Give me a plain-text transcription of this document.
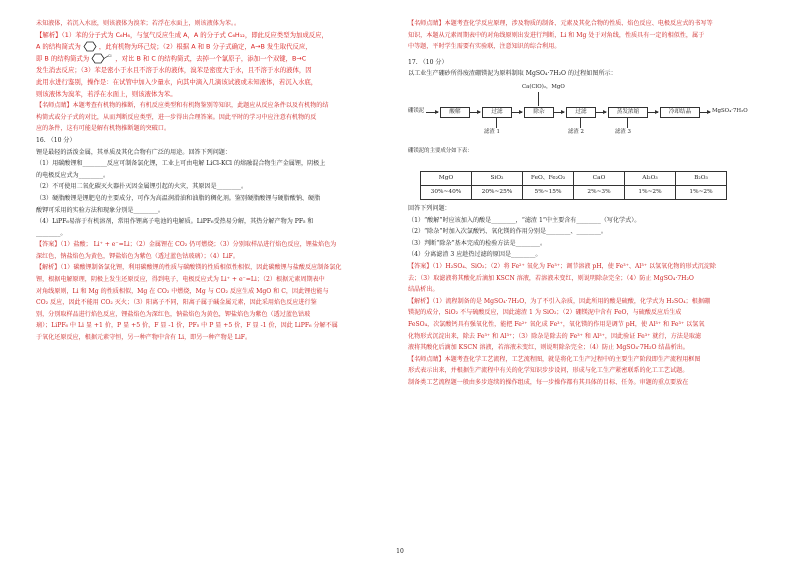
未知液体，若沉入水底，则该液体为溴苯；若浮在水面上，则该液体为苯。。

【解析】（1）苯的分子式为 C₆H₆，与氢气反应生成 A，A 的分子式 C₆H₁₂，即此反应类型为加成反应，

A 的结构简式为	，此有机物为环己烷；（2）根据 A 和 B 分子式确定，A→B 发生取代反应，

即 B 的结构简式为	Cl ，对比 B 和 C 的结构简式，去掉一个氯原子，添加一个双键，B→C

发生消去反应；（3）苯是密小于水且不溶于水的液体，溴苯是密度大于水，且不溶于水的液体，因

此用水进行鉴别，操作是：在试管中加入少量水，向其中滴入几滴该试液或未知液体，若沉入水底，

则该液体为溴苯，若浮在水面上，则该液体为苯。

【名师点睛】本题考查有机物的推断，有机反应类型和有机物鉴别等知识，此题应从反应条件以及有机物的结

构简式或分子式的对比，从而判断反应类型，进一步得出合理答案。因此平时的学习中应注意有机物的反

应的条件，这有可能是解有机物推断题的突破口。

16. （10 分）

锂是最轻的活泼金属，其单质及其化合物有广泛的用途。回答下列问题：

（1）用碳酸锂和________反应可制备氯化锂，工业上可由电解 LiCl-KCl 的熔融混合物生产金属锂，阴极上

的电极反应式为________。

（2）不可使用二氧化碳灭火器扑灭因金属锂引起的火灾，其原因是________。

（3）硬脂酸锂是锂肥皂的主要成分，可作为高温润滑油和油脂的稠化剂。鉴别硬脂酸锂与硬脂酸钠、硬脂

酸钾可采用的实验方法和现象分别是________。

（4）LiPF₆易溶于有机溶剂，常用作锂离子电池的电解质。LiPF₆受热易分解，其热分解产物为 PF₅ 和

________。

【答案】（1）盐酸； Li⁺ + e⁻=Li；（2）金属锂在 CO₂ 仍可燃烧；（3）分别取样品进行焰色反应，锂盐焰色为

深红色，钠盐焰色为黄色，钾盐焰色为紫色（透过蓝色钴玻璃）；（4）LiF。

【解析】（1）碳酸锂制备氯化锂，利用碳酸锂的性质与碳酸镁的性质相似性相似，因此碳酸锂与盐酸反应制备氯化

锂，根据电解原理，阴极上发生还原反应，得到电子，电极反应式为 Li⁺ + e⁻=Li；（2）根据元素周期表中

对角线原则，Li 和 Mg 的性质相似，Mg 在 CO₂ 中燃烧，Mg 与 CO₂ 反应生成 MgO 和 C，因此锂也能与

CO₂ 反应，因此不能用 CO₂ 灭火；（3）阳离子不同，阳离子属于碱金属元素，因此采用焰色反应进行鉴

别，分别取样品进行焰色反应，锂盐焰色为深红色，钠盐焰色为黄色，钾盐焰色为紫色（透过蓝色钴玻

璃）；LiPF₆ 中 Li 显 +1 价，P 显 +5 价，F 显 -1 价，PF₅ 中 P 显 +5 价，F 显 -1 价，因此 LiPF₆ 分解不属

于氧化还原反应，根据元素守恒，另一种产物中含有 Li，即另一种产物是 LiF。

【名师点睛】本题考查化学反应原理，涉及物质的制备、元素及其化合物的性质、焰色反应、电极反应式的书写等

知识，本题从元素周期表中的对角线原则出发进行判断，Li 和 Mg 处于对角线，性质具有一定的相似性，属于

中等题，平时学生需要有实验联，注意知识的综合利用。

17. （10 分）

以工业生产硼砂所得废渣硼镁泥为原料制取 MgSO₄·7H₂O 的过程如图所示：

Ca(ClO)₂，MgO
硼镁泥	酸解	过滤	除杂	过滤	蒸发浓缩	冷却结晶	MgSO₄·7H₂O
滤渣 1	滤渣 2	滤渣 3
硼镁泥的主要成分如下表：
MgO	SiO₂	FeO、Fe₂O₃	CaO	Al₂O₃	B₂O₃
30%~40%	20%~25%	5%~15%	2%~3%	1%~2%	1%~2%

回答下列问题：

（1）“酸解”时应该加入的酸是________，“滤渣 1”中主要含有________（写化学式）。

（2）“除杂”时加入次氯酸钙、氧化镁的作用分别是________、________。

（3）判断“除杂”基本完成的检验方法是________。

（4）分离滤渣 3 应趁热过滤的原因是________。

【答案】（1）H₂SO₄、SiO₂；（2）将 Fe²⁺ 氧化为 Fe³⁺；调节溶液 pH，使 Fe³⁺、Al³⁺ 以氢氧化物的形式沉淀除

去；（3）取滤液将其酸化后滴加 KSCN 溶液，若溶液未变红，则说明除杂完全；（4）防止 MgSO₄·7H₂O

结晶析出。

【解析】（1）流程制备的是 MgSO₄·7H₂O，为了不引入杂质，因此所用的酸是硫酸，化学式为 H₂SO₄；根据硼

镁泥的成分，SiO₂ 不与硫酸反应，因此滤渣 1 为 SiO₂；（2）硼镁泥中含有 FeO，与硫酸反应后生成

FeSO₄，次氯酸钙具有强氧化性，能把 Fe²⁺ 氧化成 Fe³⁺，氧化镁的作用是调节 pH，使 Al³⁺ 和 Fe³⁺ 以氢氧

化物形式沉淀出来，除去 Fe³⁺ 和 Al³⁺；（3）除杂是除去的 Fe³⁺ 和 Al³⁺，因此验证 Fe³⁺ 就行，方法是取滤

液将其酸化后滴加 KSCN 溶液，若溶液未变红，则说明除杂完全；（4）防止 MgSO₄·7H₂O 结晶析出。

【名师点睛】本题考查化学工艺流程，工艺流程图，就是将化工生产过程中的主要生产阶段即生产流程用框图

形式表示出来，并根据生产流程中有关的化学知识步步设问，形成与化工生产紧密联系的化工工艺试题。

制备类工艺流程题一般由多步连续的操作组成，每一步操作都有其具体的目标、任务。审题的重点要放在

10
